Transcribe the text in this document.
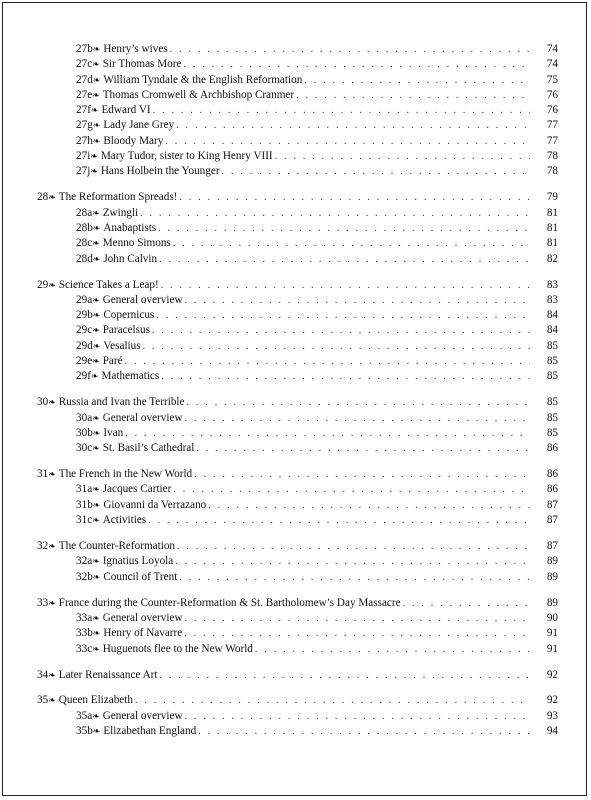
27b ❧ Henry’s wives . . .	74
27c ❧ Sir Thomas More . . .	74
27d ❧ William Tyndale & the English Reformation . . .	75
27e ❧ Thomas Cromwell & Archbishop Cranmer . . .	76
27f ❧ Edward VI . . .	76
27g ❧ Lady Jane Grey . . .	77
27h ❧ Bloody Mary . . .	77
27i ❧ Mary Tudor, sister to King Henry VIII . . .	78
27j ❧ Hans Holbein the Younger . . .	78
28 ❧ The Reformation Spreads! . . .	79
28a ❧ Zwingli . . .	81
28b ❧ Anabaptists . . .	81
28c ❧ Menno Simons . . .	81
28d ❧ John Calvin . . .	82
29 ❧ Science Takes a Leap! . . .	83
29a ❧ General overview . . .	83
29b ❧ Copernicus . . .	84
29c ❧ Paracelsus . . .	84
29d ❧ Vesalius . . .	85
29e ❧ Paré . . .	85
29f ❧ Mathematics . . .	85
30 ❧ Russia and Ivan the Terrible . . .	85
30a ❧ General overview . . .	85
30b ❧ Ivan . . .	85
30c ❧ St. Basil’s Cathedral . . .	86
31 ❧ The French in the New World . . .	86
31a ❧ Jacques Cartier . . .	86
31b ❧ Giovanni da Verrazano . . .	87
31c ❧ Activities . . .	87
32 ❧ The Counter-Reformation . . .	87
32a ❧ Ignatius Loyola . . .	89
32b ❧ Council of Trent . . .	89
33 ❧ France during the Counter-Reformation & St. Bartholomew’s Day Massacre . . .	89
33a ❧ General overview . . .	90
33b ❧ Henry of Navarre . . .	91
33c ❧ Huguenots flee to the New World . . .	91
34 ❧ Later Renaissance Art . . .	92
35 ❧ Queen Elizabeth . . .	92
35a ❧ General overview . . .	93
35b ❧ Elizabethan England . . .	94
